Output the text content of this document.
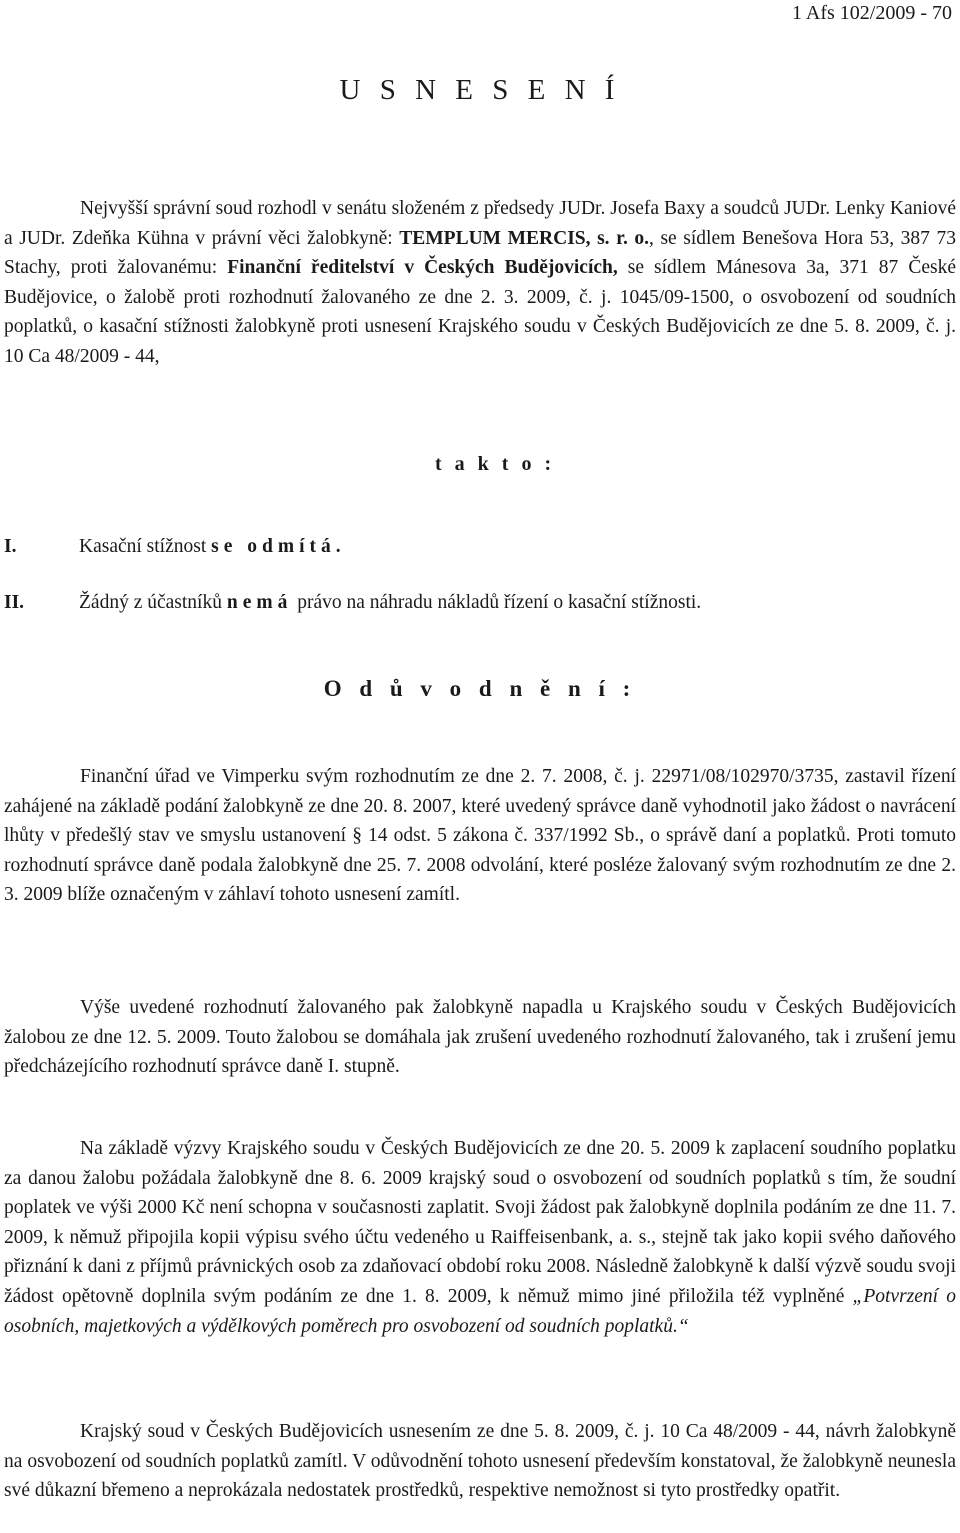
1 Afs 102/2009 - 70
U S N E S E N Í
Nejvyšší správní soud rozhodl v senátu složeném z předsedy JUDr. Josefa Baxy a soudců JUDr. Lenky Kaniové a JUDr. Zdeňka Kühna v právní věci žalobkyně: TEMPLUM MERCIS, s. r. o., se sídlem Benešova Hora 53, 387 73 Stachy, proti žalovanému: Finanční ředitelství v Českých Budějovicích, se sídlem Mánesova 3a, 371 87 České Budějovice, o žalobě proti rozhodnutí žalovaného ze dne 2. 3. 2009, č. j. 1045/09-1500, o osvobození od soudních poplatků, o kasační stížnosti žalobkyně proti usnesení Krajského soudu v Českých Budějovicích ze dne 5. 8. 2009, č. j. 10 Ca 48/2009 - 44,
t a k t o :
I.	Kasační stížnost se odmítá.
II.	Žádný z účastníků nemá právo na náhradu nákladů řízení o kasační stížnosti.
O d ů v o d n ě n í :

Finanční úřad ve Vimperku svým rozhodnutím ze dne 2. 7. 2008, č. j. 22971/08/102970/3735, zastavil řízení zahájené na základě podání žalobkyně ze dne 20. 8. 2007, které uvedený správce daně vyhodnotil jako žádost o navrácení lhůty v předešlý stav ve smyslu ustanovení § 14 odst. 5 zákona č. 337/1992 Sb., o správě daní a poplatků. Proti tomuto rozhodnutí správce daně podala žalobkyně dne 25. 7. 2008 odvolání, které posléze žalovaný svým rozhodnutím ze dne 2. 3. 2009 blíže označeným v záhlaví tohoto usnesení zamítl.

Výše uvedené rozhodnutí žalovaného pak žalobkyně napadla u Krajského soudu v Českých Budějovicích žalobou ze dne 12. 5. 2009. Touto žalobou se domáhala jak zrušení uvedeného rozhodnutí žalovaného, tak i zrušení jemu předcházejícího rozhodnutí správce daně I. stupně.

Na základě výzvy Krajského soudu v Českých Budějovicích ze dne 20. 5. 2009 k zaplacení soudního poplatku za danou žalobu požádala žalobkyně dne 8. 6. 2009 krajský soud o osvobození od soudních poplatků s tím, že soudní poplatek ve výši 2000 Kč není schopna v současnosti zaplatit. Svoji žádost pak žalobkyně doplnila podáním ze dne 11. 7. 2009, k němuž připojila kopii výpisu svého účtu vedeného u Raiffeisenbank, a. s., stejně tak jako kopii svého daňového přiznání k dani z příjmů právnických osob za zdaňovací období roku 2008. Následně žalobkyně k další výzvě soudu svoji žádost opětovně doplnila svým podáním ze dne 1. 8. 2009, k němuž mimo jiné přiložila též vyplněné „Potvrzení o osobních, majetkových a výdělkových poměrech pro osvobození od soudních poplatků.“

Krajský soud v Českých Budějovicích usnesením ze dne 5. 8. 2009, č. j. 10 Ca 48/2009 - 44, návrh žalobkyně na osvobození od soudních poplatků zamítl. V odůvodnění tohoto usnesení především konstatoval, že žalobkyně neunesla své důkazní břemeno a neprokázala nedostatek prostředků, respektive nemožnost si tyto prostředky opatřit.
